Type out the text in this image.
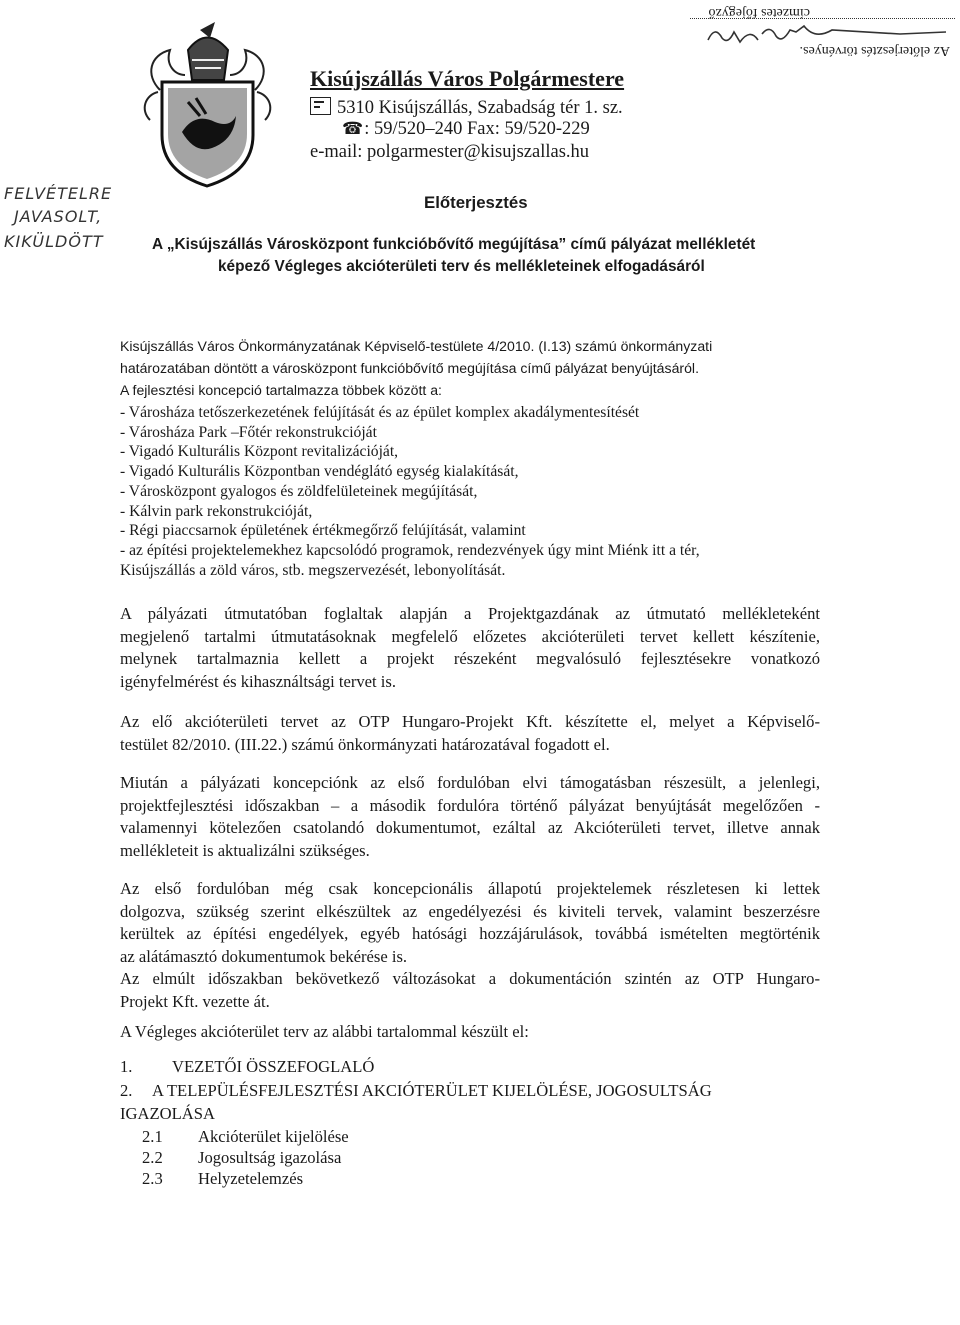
Kisújszállás Város Polgármestere
5310 Kisújszállás, Szabadság tér 1. sz.
☎: 59/520–240 Fax: 59/520-229
e-mail: polgarmester@kisujszallas.hu
Az előterjesztés törvényes.
címzetes főjegyző
FELVÉTELRE
JAVASOLT,
KIKÜLDÖTT
Előterjesztés
A „Kisújszállás Városközpont funkcióbővítő megújítása” című pályázat mellékletét
képező Végleges akcióterületi terv és mellékleteinek elfogadásáról
Kisújszállás Város Önkormányzatának Képviselő-testülete 4/2010. (I.13) számú önkormányzati
határozatában döntött a városközpont funkcióbővítő megújítása című pályázat benyújtásáról.
A fejlesztési koncepció tartalmazza többek között a:
- Városháza tetőszerkezetének felújítását és az épület komplex akadálymentesítését
- Városháza Park –Főtér rekonstrukcióját
- Vigadó Kulturális Központ revitalizációját,
- Vigadó Kulturális Központban vendéglátó egység kialakítását,
- Városközpont gyalogos és zöldfelületeinek megújítását,
- Kálvin park rekonstrukcióját,
- Régi piaccsarnok épületének értékmegőrző felújítását, valamint
- az építési projektelemekhez kapcsolódó programok, rendezvények úgy mint Miénk itt a tér,
Kisújszállás a zöld város, stb. megszervezését, lebonyolítását.
A pályázati útmutatóban foglaltak alapján a Projektgazdának az útmutató mellékleteként
megjelenő tartalmi útmutatásoknak megfelelő előzetes akcióterületi tervet kellett készítenie,
melynek tartalmaznia kellett a projekt részeként megvalósuló fejlesztésekre vonatkozó
igényfelmérést és kihasználtsági tervet is.
Az elő akcióterületi tervet az OTP Hungaro-Projekt Kft. készítette el, melyet a Képviselő-
testület 82/2010. (III.22.) számú önkormányzati határozatával fogadott el.
Miután a pályázati koncepciónk az első fordulóban elvi támogatásban részesült, a jelenlegi,
projektfejlesztési időszakban – a második fordulóra történő pályázat benyújtását megelőzően -
valamennyi kötelezően csatolandó dokumentumot, ezáltal az Akcióterületi tervet, illetve annak
mellékleteit is aktualizálni szükséges.
Az első fordulóban még csak koncepcionális állapotú projektelemek részletesen ki lettek
dolgozva, szükség szerint elkészültek az engedélyezési és kiviteli tervek, valamint beszerzésre
kerültek az építési engedélyek, egyéb hatósági hozzájárulások, továbbá ismételten megtörténik
az alátámasztó dokumentumok bekérése is.
Az elmúlt időszakban bekövetkező változásokat a dokumentáción szintén az OTP Hungaro-
Projekt Kft. vezette át.
A Végleges akcióterület terv az alábbi tartalommal készült el:
1. VEZETŐI ÖSSZEFOGLALÓ
2. A TELEPÜLÉSFEJLESZTÉSI AKCIÓTERÜLET KIJELÖLÉSE, JOGOSULTSÁG
IGAZOLÁSA
2.1 Akcióterület kijelölése
2.2 Jogosultság igazolása
2.3 Helyzetelemzés
